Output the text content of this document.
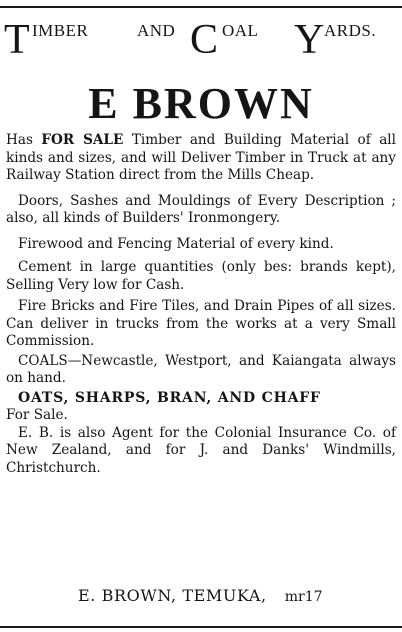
T IMBER	AND C OAL Y ARDS.
E BROWN
Has FOR SALE Timber and Building Material of all kinds and sizes, and will Deliver Timber in Truck at any Railway Station direct from the Mills Cheap.
Doors, Sashes and Mouldings of Every Description ; also, all kinds of Builders' Ironmongery.
Firewood and Fencing Material of every kind.
Cement in large quantities (only bes: brands kept), Selling Very low for Cash.
Fire Bricks and Fire Tiles, and Drain Pipes of all sizes. Can deliver in trucks from the works at a very Small Commission.
COALS—Newcastle, Westport, and Kaiangata always on hand.
OATS, SHARPS, BRAN, AND CHAFF
For Sale.
E. B. is also Agent for the Colonial Insurance Co. of New Zealand, and for J. and Danks' Windmills, Christchurch.
E. BROWN, TEMUKA, mr17
